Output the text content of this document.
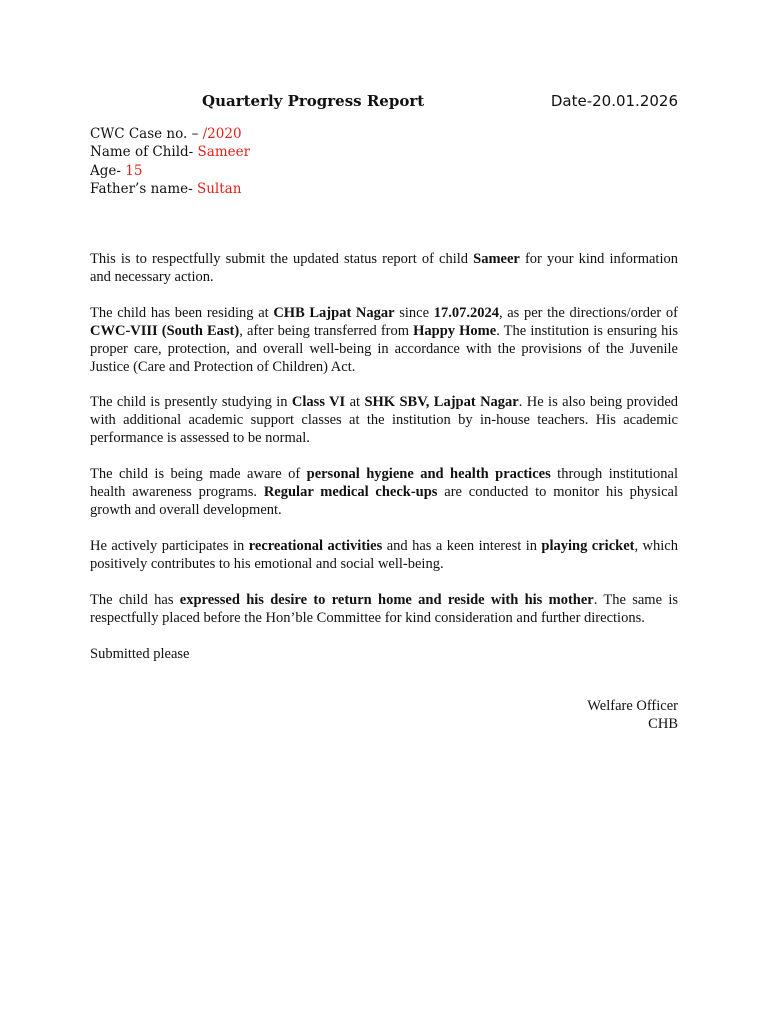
Quarterly Progress Report	Date-20.01.2026
CWC Case no. – /2020
Name of Child- Sameer
Age- 15
Father’s name- Sultan

This is to respectfully submit the updated status report of child Sameer for your kind information and necessary action.

The child has been residing at CHB Lajpat Nagar since 17.07.2024, as per the directions/order of CWC-VIII (South East), after being transferred from Happy Home. The institution is ensuring his proper care, protection, and overall well-being in accordance with the provisions of the Juvenile Justice (Care and Protection of Children) Act.

The child is presently studying in Class VI at SHK SBV, Lajpat Nagar. He is also being provided with additional academic support classes at the institution by in-house teachers. His academic performance is assessed to be normal.

The child is being made aware of personal hygiene and health practices through institutional health awareness programs. Regular medical check-ups are conducted to monitor his physical growth and overall development.

He actively participates in recreational activities and has a keen interest in playing cricket, which positively contributes to his emotional and social well-being.

The child has expressed his desire to return home and reside with his mother. The same is respectfully placed before the Hon’ble Committee for kind consideration and further directions.

Submitted please

Welfare Officer
CHB
